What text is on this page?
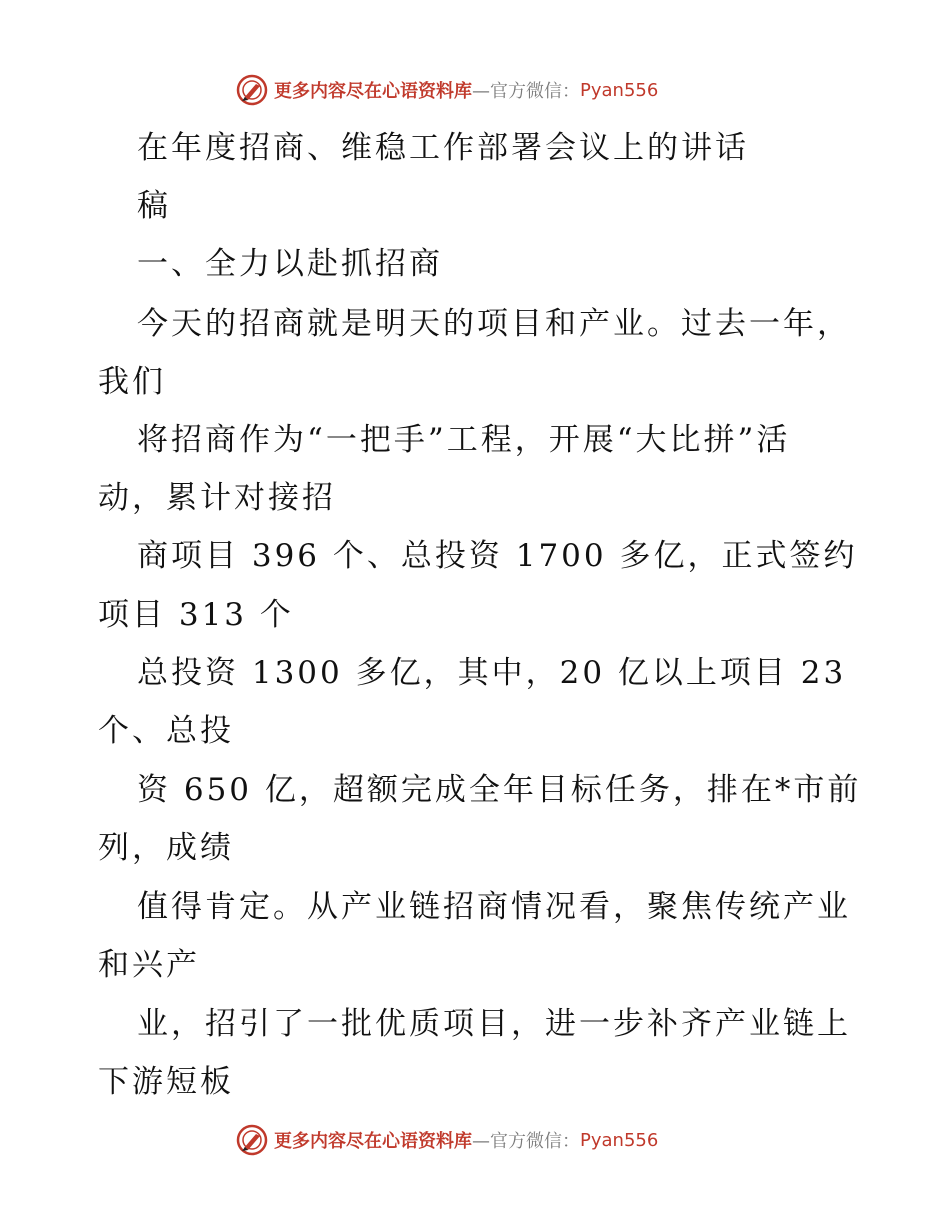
更多内容尽在心语资料库 —官方微信： Pyan556
在年度招商、维稳工作部署会议上的讲话
稿
一、全力以赴抓招商
今天的招商就是明天的项目和产业。过去一年，
我们
将招商作为“一把手”工程，开展“大比拼”活
动，累计对接招
商项目 396 个、总投资 1700 多亿，正式签约
项目 313 个
总投资 1300 多亿，其中，20 亿以上项目 23
个、总投
资 650 亿，超额完成全年目标任务，排在*市前
列，成绩
值得肯定。从产业链招商情况看，聚焦传统产业
和兴产
业，招引了一批优质项目，进一步补齐产业链上
下游短板
更多内容尽在心语资料库 —官方微信： Pyan556
